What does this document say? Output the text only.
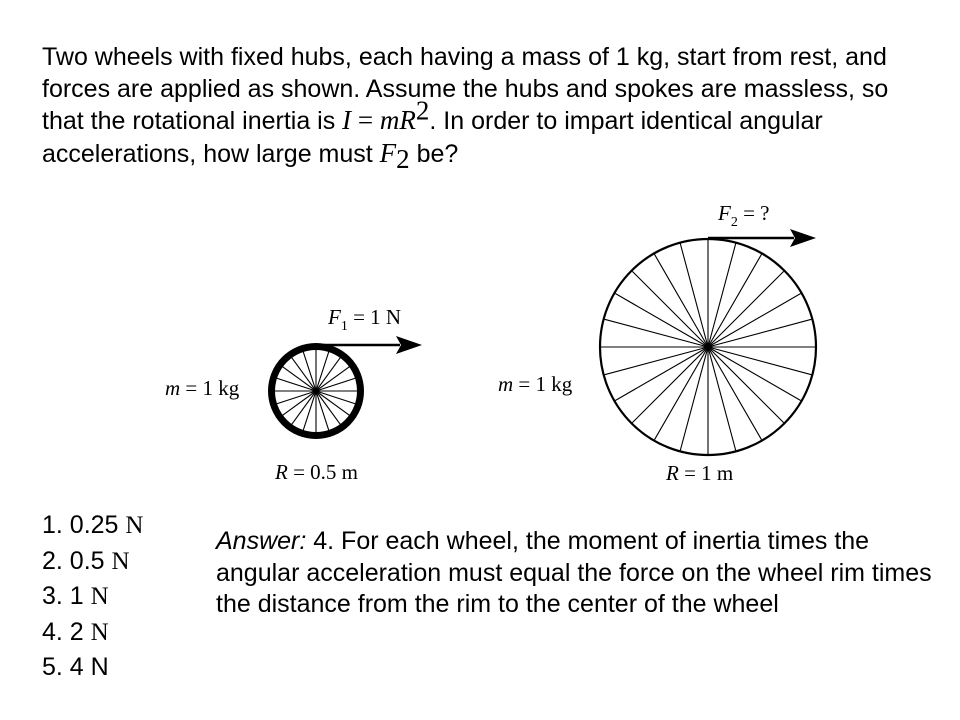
Two wheels with fixed hubs, each having a mass of 1 kg, start from rest, and forces are applied as shown. Assume the hubs and spokes are massless, so that the rotational inertia is $I = mR^2$. In order to impart identical angular accelerations, how large must $F_2$ be?

$F_1 = 1$ N
m = 1 kg
R = 0.5 m
$F_2$ = ?
m = 1 kg
R = 1 m
1. 0.25 N
2. 0.5 N
3. 1 N
4. 2 N
5. 4 N

Answer: 4. For each wheel, the moment of inertia times the angular acceleration must equal the force on the wheel rim times the distance from the rim to the center of the wheel
